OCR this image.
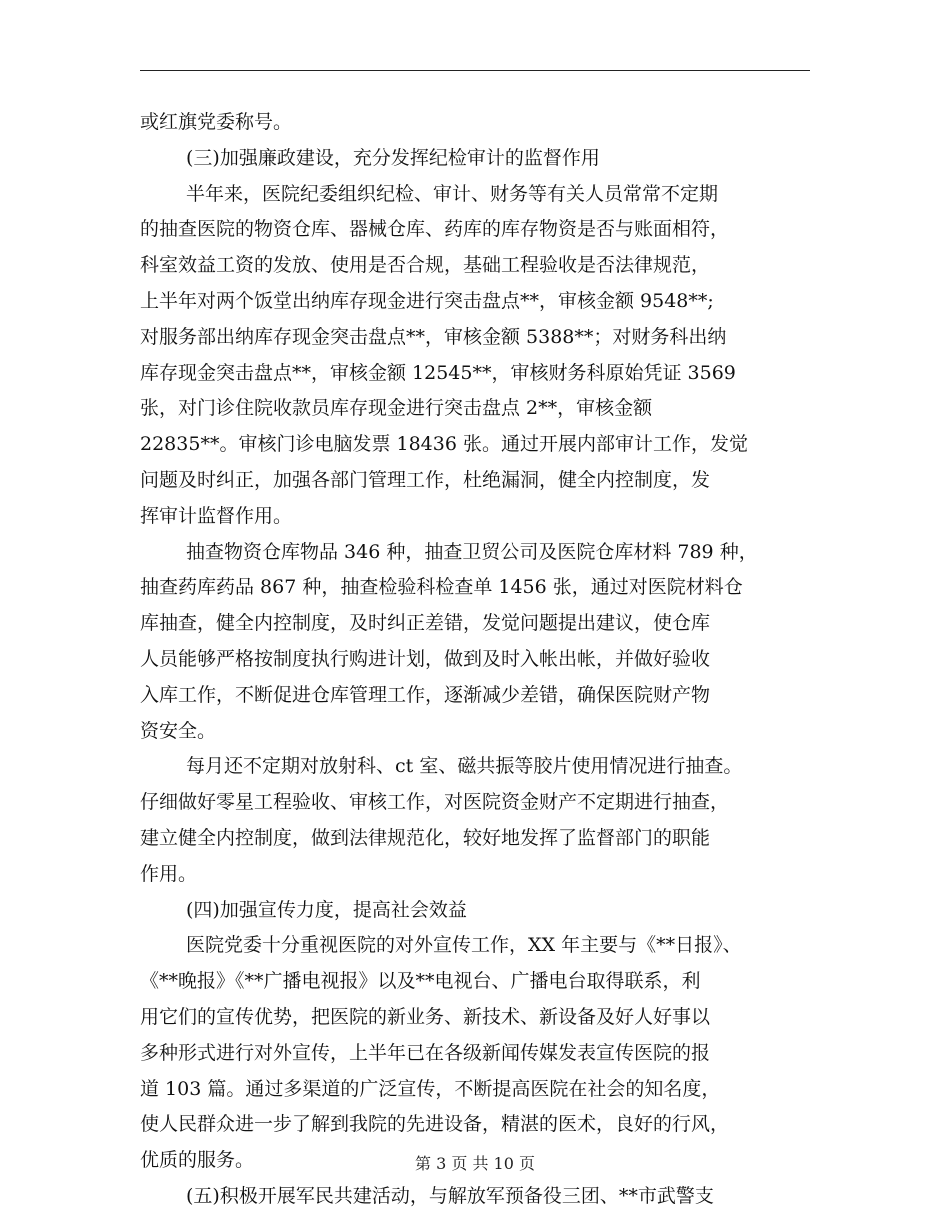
或红旗党委称号。
(三)加强廉政建设，充分发挥纪检审计的监督作用
半年来，医院纪委组织纪检、审计、财务等有关人员常常不定期
的抽查医院的物资仓库、器械仓库、药库的库存物资是否与账面相符，
科室效益工资的发放、使用是否合规，基础工程验收是否法律规范，
上半年对两个饭堂出纳库存现金进行突击盘点**，审核金额 9548**;
对服务部出纳库存现金突击盘点**，审核金额 5388**；对财务科出纳
库存现金突击盘点**，审核金额 12545**，审核财务科原始凭证 3569
张，对门诊住院收款员库存现金进行突击盘点 2**，审核金额
22835**。审核门诊电脑发票 18436 张。通过开展内部审计工作，发觉
问题及时纠正，加强各部门管理工作，杜绝漏洞，健全内控制度，发
挥审计监督作用。
抽查物资仓库物品 346 种，抽查卫贸公司及医院仓库材料 789 种，
抽查药库药品 867 种，抽查检验科检查单 1456 张，通过对医院材料仓
库抽查，健全内控制度，及时纠正差错，发觉问题提出建议，使仓库
人员能够严格按制度执行购进计划，做到及时入帐出帐，并做好验收
入库工作，不断促进仓库管理工作，逐渐减少差错，确保医院财产物
资安全。
每月还不定期对放射科、ct 室、磁共振等胶片使用情况进行抽查。
仔细做好零星工程验收、审核工作，对医院资金财产不定期进行抽查，
建立健全内控制度，做到法律规范化，较好地发挥了监督部门的职能
作用。
(四)加强宣传力度，提高社会效益
医院党委十分重视医院的对外宣传工作，XX 年主要与《**日报》、
《**晚报》《**广播电视报》以及**电视台、广播电台取得联系，利
用它们的宣传优势，把医院的新业务、新技术、新设备及好人好事以
多种形式进行对外宣传，上半年已在各级新闻传媒发表宣传医院的报
道 103 篇。通过多渠道的广泛宣传，不断提高医院在社会的知名度，
使人民群众进一步了解到我院的先进设备，精湛的医术，良好的行风，
优质的服务。
(五)积极开展军民共建活动，与解放军预备役三团、**市武警支
第 3 页 共 10 页
